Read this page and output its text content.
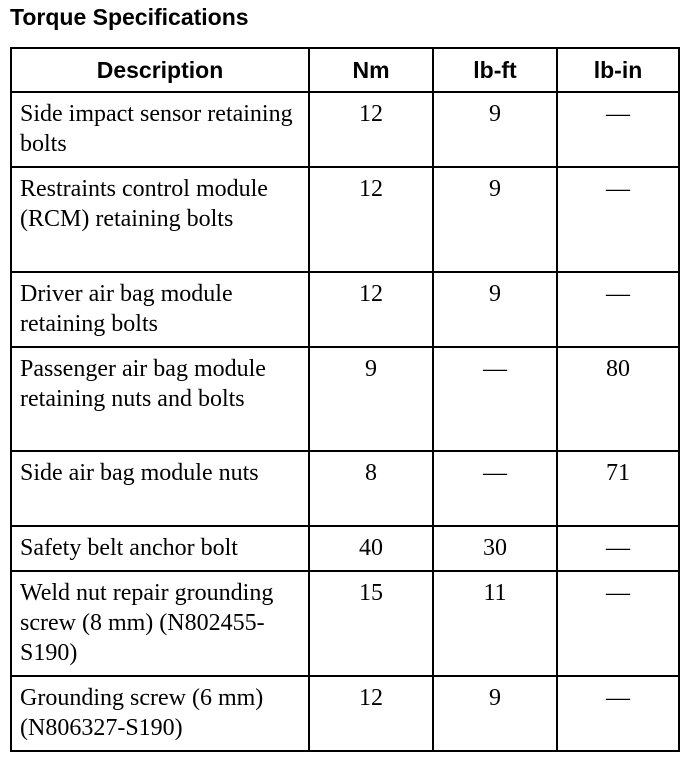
Torque Specifications
Description	Nm	lb-ft	lb-in
Side impact sensor retaining bolts	12	9	—
Restraints control module (RCM) retaining bolts	12	9	—
Driver air bag module retaining bolts	12	9	—
Passenger air bag module retaining nuts and bolts	9	—	80
Side air bag module nuts	8	—	71
Safety belt anchor bolt	40	30	—
Weld nut repair grounding screw (8 mm) (N802455-S190)	15	11	—
Grounding screw (6 mm) (N806327-S190)	12	9	—
